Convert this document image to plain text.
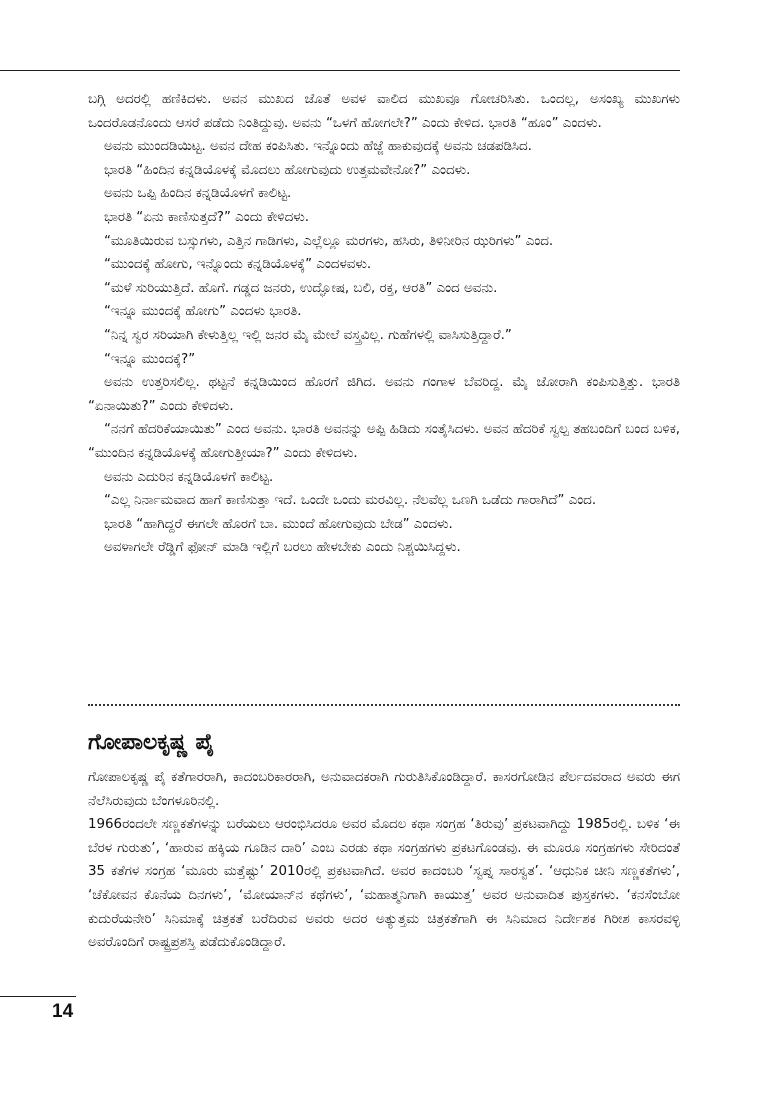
ಬಗ್ಗಿ ಅದರಲ್ಲಿ ಹಣಿಕಿದಳು. ಅವನ ಮುಖದ ಜೊತೆ ಅವಳ ವಾಲಿದ ಮುಖವೂ ಗೋಚರಿಸಿತು. ಒಂದಲ್ಲ, ಅಸಂಖ್ಯ ಮುಖಗಳು ಒಂದರೊಡನೊಂದು ಆಸರೆ ಪಡೆದು ನಿಂತಿದ್ದುವು. ಅವನು “ಒಳಗೆ ಹೋಗಲೇ?” ಎಂದು ಕೇಳಿದ. ಭಾರತಿ “ಹೂಂ” ಎಂದಳು.

ಅವನು ಮುಂದಡಿಯಿಟ್ಟ. ಅವನ ದೇಹ ಕಂಪಿಸಿತು. ಇನ್ನೊಂದು ಹೆಜ್ಜೆ ಹಾಕುವುದಕ್ಕೆ ಅವನು ಚಡಪಡಿಸಿದ.

ಭಾರತಿ “ಹಿಂದಿನ ಕನ್ನಡಿಯೊಳಕ್ಕೆ ಮೊದಲು ಹೋಗುವುದು ಉತ್ತಮವೇನೋ?” ಎಂದಳು.

ಅವನು ಒಪ್ಪಿ ಹಿಂದಿನ ಕನ್ನಡಿಯೊಳಗೆ ಕಾಲಿಟ್ಟ.

ಭಾರತಿ “ಏನು ಕಾಣಿಸುತ್ತದೆ?” ಎಂದು ಕೇಳಿದಳು.

“ಮೂತಿಯಿರುವ ಬಸ್ಸುಗಳು, ಎತ್ತಿನ ಗಾಡಿಗಳು, ಎಲ್ಲೆಲ್ಲೂ ಮರಗಳು, ಹಸಿರು, ತಿಳಿನೀರಿನ ಝರಿಗಳು” ಎಂದ.

“ಮುಂದಕ್ಕೆ ಹೋಗು, ಇನ್ನೊಂದು ಕನ್ನಡಿಯೊಳಕ್ಕೆ” ಎಂದಳವಳು.

“ಮಳೆ ಸುರಿಯುತ್ತಿದೆ. ಹೊಗೆ. ಗಡ್ಡದ ಜನರು, ಉದ್ಘೋಷ, ಬಲಿ, ರಕ್ತ, ಆರತಿ” ಎಂದ ಅವನು.

“ಇನ್ನೂ ಮುಂದಕ್ಕೆ ಹೋಗು” ಎಂದಳು ಭಾರತಿ.

“ನಿನ್ನ ಸ್ವರ ಸರಿಯಾಗಿ ಕೇಳುತ್ತಿಲ್ಲ ಇಲ್ಲಿ ಜನರ ಮೈ ಮೇಲೆ ವಸ್ತ್ರವಿಲ್ಲ. ಗುಹೆಗಳಲ್ಲಿ ವಾಸಿಸುತ್ತಿದ್ದಾರೆ.”

“ಇನ್ನೂ ಮುಂದಕ್ಕೆ?”

ಅವನು ಉತ್ತರಿಸಲಿಲ್ಲ. ಥಟ್ಟನೆ ಕನ್ನಡಿಯಿಂದ ಹೊರಗೆ ಜಿಗಿದ. ಅವನು ಗಂಗಾಳ ಬೆವರಿದ್ದ. ಮೈ ಜೋರಾಗಿ ಕಂಪಿಸುತ್ತಿತ್ತು. ಭಾರತಿ “ಏನಾಯಿತು?” ಎಂದು ಕೇಳಿದಳು.

“ನನಗೆ ಹೆದರಿಕೆಯಾಯಿತು” ಎಂದ ಅವನು. ಭಾರತಿ ಅವನನ್ನು ಅಪ್ಪಿ ಹಿಡಿದು ಸಂತೈಸಿದಳು. ಅವನ ಹೆದರಿಕೆ ಸ್ವಲ್ಪ ತಹಬಂದಿಗೆ ಬಂದ ಬಳಿಕ, “ಮುಂದಿನ ಕನ್ನಡಿಯೊಳಕ್ಕೆ ಹೋಗುತ್ತೀಯಾ?” ಎಂದು ಕೇಳಿದಳು.

ಅವನು ಎದುರಿನ ಕನ್ನಡಿಯೊಳಗೆ ಕಾಲಿಟ್ಟ.

“ಎಲ್ಲ ನಿರ್ನಾಮವಾದ ಹಾಗೆ ಕಾಣಿಸುತ್ತಾ ಇದೆ. ಒಂದೇ ಒಂದು ಮರವಿಲ್ಲ. ನೆಲವೆಲ್ಲ ಒಣಗಿ ಒಡೆದು ಗಾರಾಗಿದೆ” ಎಂದ.

ಭಾರತಿ “ಹಾಗಿದ್ದರೆ ಈಗಲೇ ಹೊರಗೆ ಬಾ. ಮುಂದೆ ಹೋಗುವುದು ಬೇಡ” ಎಂದಳು.

ಅವಳಾಗಲೇ ರೆಡ್ಡಿಗೆ ಫೋನ್ ಮಾಡಿ ಇಲ್ಲಿಗೆ ಬರಲು ಹೇಳಬೇಕು ಎಂದು ನಿಶ್ಚಯಿಸಿದ್ದಳು.

ಗೋಪಾಲಕೃಷ್ಣ ಪೈ

ಗೋಪಾಲಕೃಷ್ಣ ಪೈ ಕತೆಗಾರರಾಗಿ, ಕಾದಂಬರಿಕಾರರಾಗಿ, ಅನುವಾದಕರಾಗಿ ಗುರುತಿಸಿಕೊಂಡಿದ್ದಾರೆ. ಕಾಸರಗೋಡಿನ ಪೆರ್ಲದವರಾದ ಅವರು ಈಗ ನೆಲೆಸಿರುವುದು ಬೆಂಗಳೂರಿನಲ್ಲಿ.

1966ರಂದಲೇ ಸಣ್ಣಕತೆಗಳನ್ನು ಬರೆಯಲು ಆರಂಭಿಸಿದರೂ ಅವರ ಮೊದಲ ಕಥಾ ಸಂಗ್ರಹ ‘ತಿರುವು’ ಪ್ರಕಟವಾಗಿದ್ದು 1985ರಲ್ಲಿ. ಬಳಿಕ ‘ಈ ಬೆರಳ ಗುರುತು’, ‘ಹಾರುವ ಹಕ್ಕಿಯ ಗೂಡಿನ ದಾರಿ’ ಎಂಬ ಎರಡು ಕಥಾ ಸಂಗ್ರಹಗಳು ಪ್ರಕಟಗೊಂಡವು. ಈ ಮೂರೂ ಸಂಗ್ರಹಗಳು ಸೇರಿದಂತೆ 35 ಕತೆಗಳ ಸಂಗ್ರಹ ‘ಮೂರು ಮತ್ತೆಷ್ಟು’ 2010ರಲ್ಲಿ ಪ್ರಕಟವಾಗಿದೆ. ಅವರ ಕಾದಂಬರಿ ‘ಸ್ವಪ್ನ ಸಾರಸ್ವತ’. ‘ಆಧುನಿಕ ಚೀನಿ ಸಣ್ಣಕತೆಗಳು’, ‘ಚೆಕೋವನ ಕೊನೆಯ ದಿನಗಳು’, ‘ಮೋಯಾನ್‌ನ ಕಥೆಗಳು’, ‘ಮಹಾತ್ಮನಿಗಾಗಿ ಕಾಯುತ್ತ’ ಅವರ ಅನುವಾದಿತ ಪುಸ್ತಕಗಳು. ‘ಕನಸೆಂಬೋ ಕುದುರೆಯನೇರಿ’ ಸಿನಿಮಾಕ್ಕೆ ಚಿತ್ರಕತೆ ಬರೆದಿರುವ ಅವರು ಅದರ ಅತ್ಯುತ್ತಮ ಚಿತ್ರಕತೆಗಾಗಿ ಈ ಸಿನಿಮಾದ ನಿರ್ದೇಶಕ ಗಿರೀಶ ಕಾಸರವಳ್ಳಿ ಅವರೊಂದಿಗೆ ರಾಷ್ಟ್ರಪ್ರಶಸ್ತಿ ಪಡೆದುಕೊಂಡಿದ್ದಾರೆ.

14
